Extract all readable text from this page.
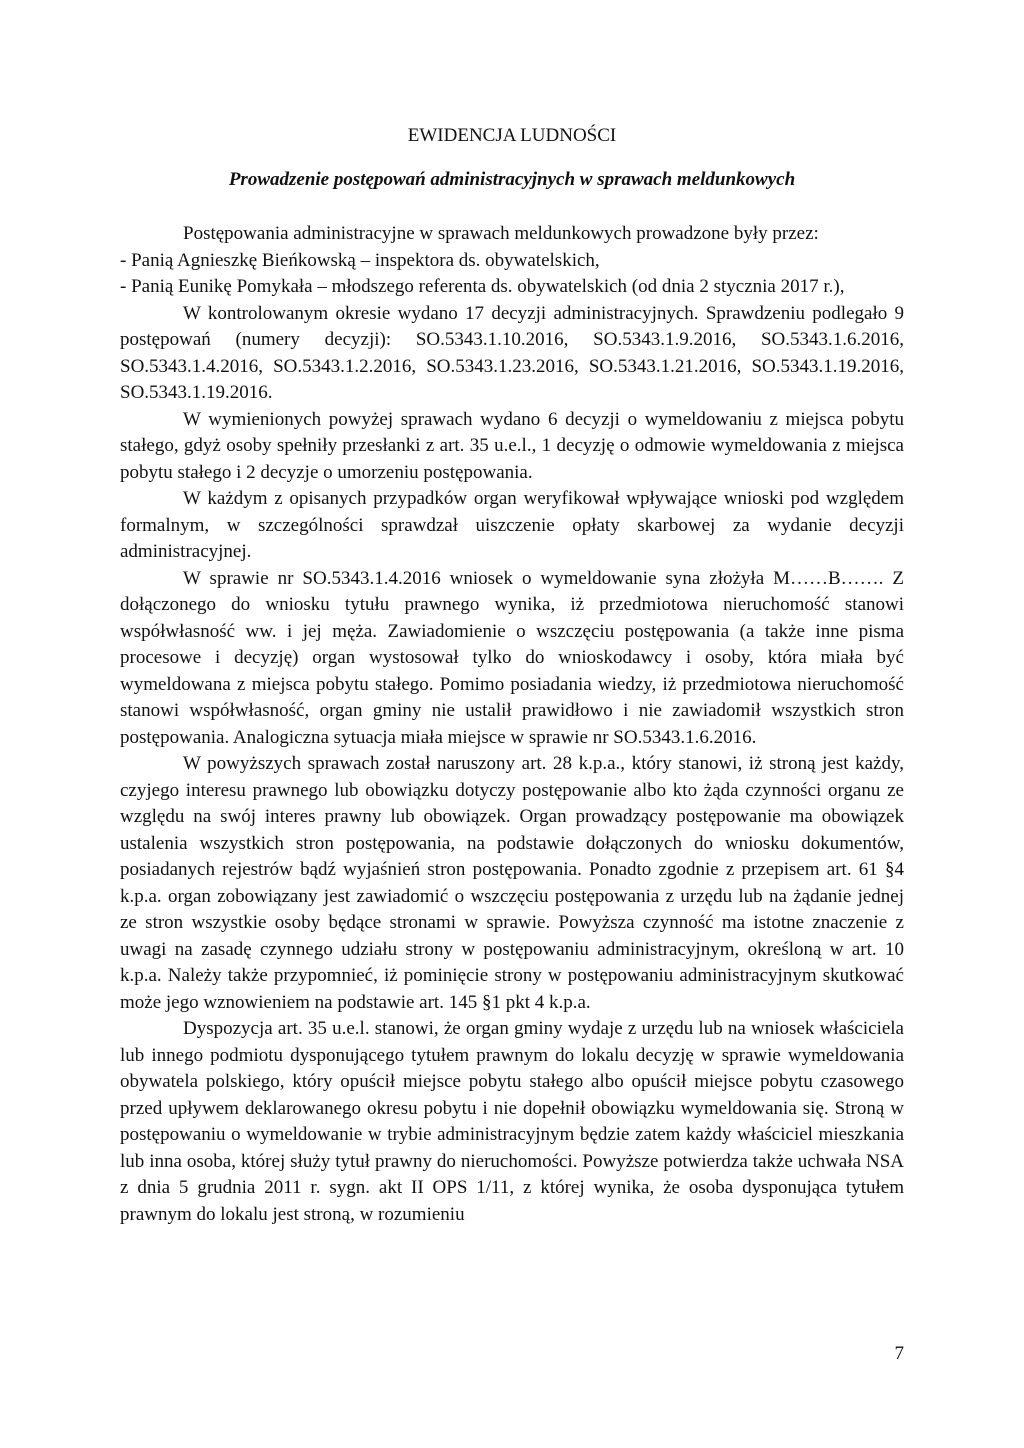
EWIDENCJA LUDNOŚCI
Prowadzenie postępowań administracyjnych w sprawach meldunkowych

Postępowania administracyjne w sprawach meldunkowych prowadzone były przez:

- Panią Agnieszkę Bieńkowską – inspektora ds. obywatelskich,

- Panią Eunikę Pomykała – młodszego referenta ds. obywatelskich (od dnia 2 stycznia 2017 r.),

W kontrolowanym okresie wydano 17 decyzji administracyjnych. Sprawdzeniu podlegało 9 postępowań (numery decyzji): SO.5343.1.10.2016, SO.5343.1.9.2016, SO.5343.1.6.2016, SO.5343.1.4.2016, SO.5343.1.2.2016, SO.5343.1.23.2016, SO.5343.1.21.2016, SO.5343.1.19.2016, SO.5343.1.19.2016.

W wymienionych powyżej sprawach wydano 6 decyzji o wymeldowaniu z miejsca pobytu stałego, gdyż osoby spełniły przesłanki z art. 35 u.e.l., 1 decyzję o odmowie wymeldowania z miejsca pobytu stałego i 2 decyzje o umorzeniu postępowania.

W każdym z opisanych przypadków organ weryfikował wpływające wnioski pod względem formalnym, w szczególności sprawdzał uiszczenie opłaty skarbowej za wydanie decyzji administracyjnej.

W sprawie nr SO.5343.1.4.2016 wniosek o wymeldowanie syna złożyła M……B……. Z dołączonego do wniosku tytułu prawnego wynika, iż przedmiotowa nieruchomość stanowi współwłasność ww. i jej męża. Zawiadomienie o wszczęciu postępowania (a także inne pisma procesowe i decyzję) organ wystosował tylko do wnioskodawcy i osoby, która miała być wymeldowana z miejsca pobytu stałego. Pomimo posiadania wiedzy, iż przedmiotowa nieruchomość stanowi współwłasność, organ gminy nie ustalił prawidłowo i nie zawiadomił wszystkich stron postępowania. Analogiczna sytuacja miała miejsce w sprawie nr SO.5343.1.6.2016.

W powyższych sprawach został naruszony art. 28 k.p.a., który stanowi, iż stroną jest każdy, czyjego interesu prawnego lub obowiązku dotyczy postępowanie albo kto żąda czynności organu ze względu na swój interes prawny lub obowiązek. Organ prowadzący postępowanie ma obowiązek ustalenia wszystkich stron postępowania, na podstawie dołączonych do wniosku dokumentów, posiadanych rejestrów bądź wyjaśnień stron postępowania. Ponadto zgodnie z przepisem art. 61 §4 k.p.a. organ zobowiązany jest zawiadomić o wszczęciu postępowania z urzędu lub na żądanie jednej ze stron wszystkie osoby będące stronami w sprawie. Powyższa czynność ma istotne znaczenie z uwagi na zasadę czynnego udziału strony w postępowaniu administracyjnym, określoną w art. 10 k.p.a. Należy także przypomnieć, iż pominięcie strony w postępowaniu administracyjnym skutkować może jego wznowieniem na podstawie art. 145 §1 pkt 4 k.p.a.

Dyspozycja art. 35 u.e.l. stanowi, że organ gminy wydaje z urzędu lub na wniosek właściciela lub innego podmiotu dysponującego tytułem prawnym do lokalu decyzję w sprawie wymeldowania obywatela polskiego, który opuścił miejsce pobytu stałego albo opuścił miejsce pobytu czasowego przed upływem deklarowanego okresu pobytu i nie dopełnił obowiązku wymeldowania się. Stroną w postępowaniu o wymeldowanie w trybie administracyjnym będzie zatem każdy właściciel mieszkania lub inna osoba, której służy tytuł prawny do nieruchomości. Powyższe potwierdza także uchwała NSA z dnia 5 grudnia 2011 r. sygn. akt II OPS 1/11, z której wynika, że osoba dysponująca tytułem prawnym do lokalu jest stroną, w rozumieniu

7
